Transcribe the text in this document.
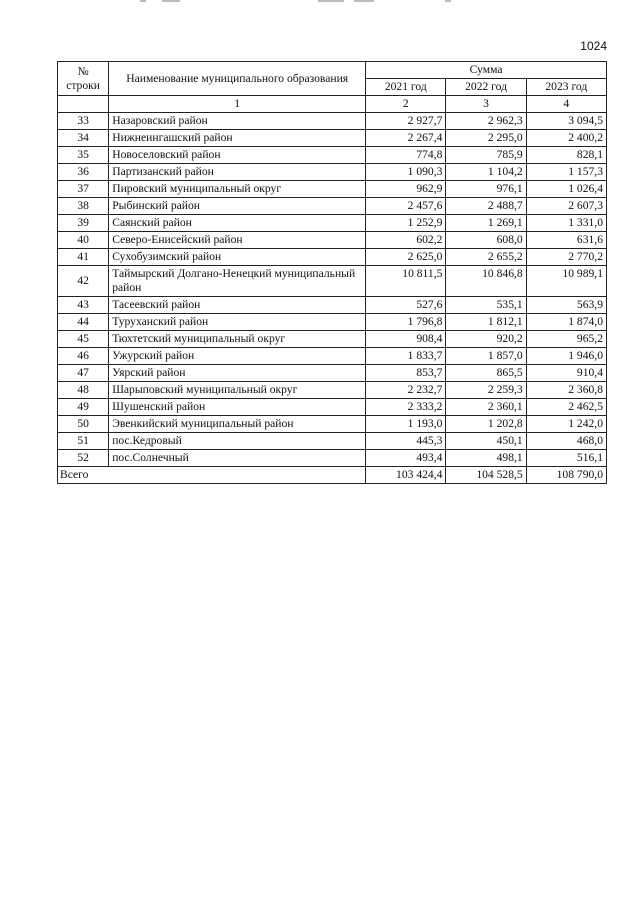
1024
№
строки	Наименование муниципального образования	Сумма		
		2021 год	2022 год	2023 год
	1	2	3	4
33	Назаровский район	2 927,7	2 962,3	3 094,5
34	Нижнеингашский район	2 267,4	2 295,0	2 400,2
35	Новоселовский район	774,8	785,9	828,1
36	Партизанский район	1 090,3	1 104,2	1 157,3
37	Пировский муниципальный округ	962,9	976,1	1 026,4
38	Рыбинский район	2 457,6	2 488,7	2 607,3
39	Саянский район	1 252,9	1 269,1	1 331,0
40	Северо-Енисейский район	602,2	608,0	631,6
41	Сухобузимский район	2 625,0	2 655,2	2 770,2
42	Таймырский Долгано-Ненецкий муниципальный район	10 811,5	10 846,8	10 989,1
43	Тасеевский район	527,6	535,1	563,9
44	Туруханский район	1 796,8	1 812,1	1 874,0
45	Тюхтетский муниципальный округ	908,4	920,2	965,2
46	Ужурский район	1 833,7	1 857,0	1 946,0
47	Уярский район	853,7	865,5	910,4
48	Шарыповский муниципальный округ	2 232,7	2 259,3	2 360,8
49	Шушенский район	2 333,2	2 360,1	2 462,5
50	Эвенкийский муниципальный район	1 193,0	1 202,8	1 242,0
51	пос.Кедровый	445,3	450,1	468,0
52	пос.Солнечный	493,4	498,1	516,1
Всего		103 424,4	104 528,5	108 790,0
